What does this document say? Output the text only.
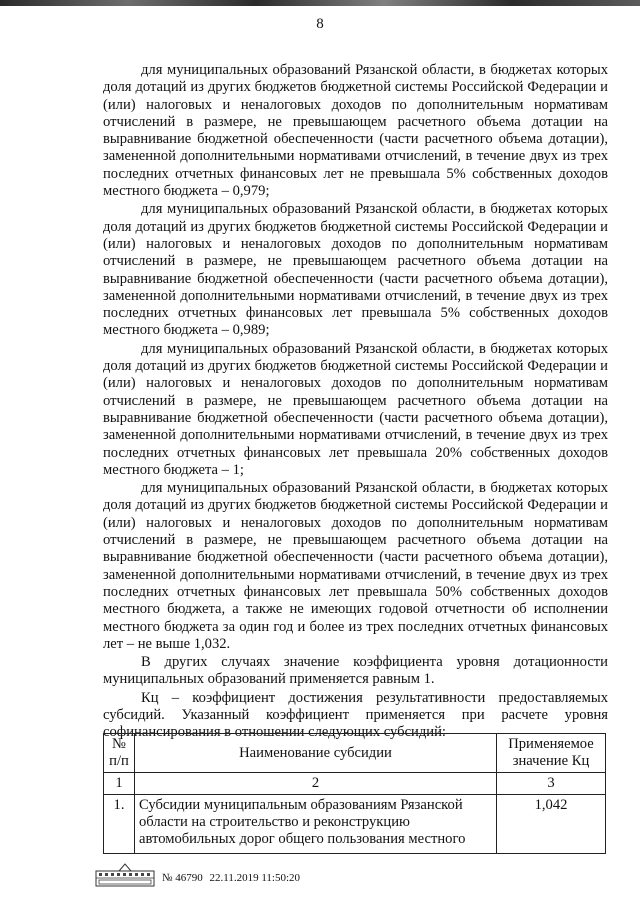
8

для муниципальных образований Рязанской области, в бюджетах которых доля дотаций из других бюджетов бюджетной системы Российской Федерации и (или) налоговых и неналоговых доходов по дополнительным нормативам отчислений в размере, не превышающем расчетного объема дотации на выравнивание бюджетной обеспеченности (части расчетного объема дотации), замененной дополнительными нормативами отчислений, в течение двух из трех последних отчетных финансовых лет не превышала 5% собственных доходов местного бюджета – 0,979;

для муниципальных образований Рязанской области, в бюджетах которых доля дотаций из других бюджетов бюджетной системы Российской Федерации и (или) налоговых и неналоговых доходов по дополнительным нормативам отчислений в размере, не превышающем расчетного объема дотации на выравнивание бюджетной обеспеченности (части расчетного объема дотации), замененной дополнительными нормативами отчислений, в течение двух из трех последних отчетных финансовых лет превышала 5% собственных доходов местного бюджета – 0,989;

для муниципальных образований Рязанской области, в бюджетах которых доля дотаций из других бюджетов бюджетной системы Российской Федерации и (или) налоговых и неналоговых доходов по дополнительным нормативам отчислений в размере, не превышающем расчетного объема дотации на выравнивание бюджетной обеспеченности (части расчетного объема дотации), замененной дополнительными нормативами отчислений, в течение двух из трех последних отчетных финансовых лет превышала 20% собственных доходов местного бюджета – 1;

для муниципальных образований Рязанской области, в бюджетах которых доля дотаций из других бюджетов бюджетной системы Российской Федерации и (или) налоговых и неналоговых доходов по дополнительным нормативам отчислений в размере, не превышающем расчетного объема дотации на выравнивание бюджетной обеспеченности (части расчетного объема дотации), замененной дополнительными нормативами отчислений, в течение двух из трех последних отчетных финансовых лет превышала 50% собственных доходов местного бюджета, а также не имеющих годовой отчетности об исполнении местного бюджета за один год и более из трех последних отчетных финансовых лет – не выше 1,032.

В других случаях значение коэффициента уровня дотационности муниципальных образований применяется равным 1.

Кц – коэффициент достижения результативности предоставляемых субсидий. Указанный коэффициент применяется при расчете уровня софинансирования в отношении следующих субсидий:

№ п/п	Наименование субсидии	Применяемое значение Кц
1	2	3
1.	Субсидии муниципальным образованиям Рязанской области на строительство и реконструкцию автомобильных дорог общего пользования местного	1,042
№ 46790 22.11.2019 11:50:20
